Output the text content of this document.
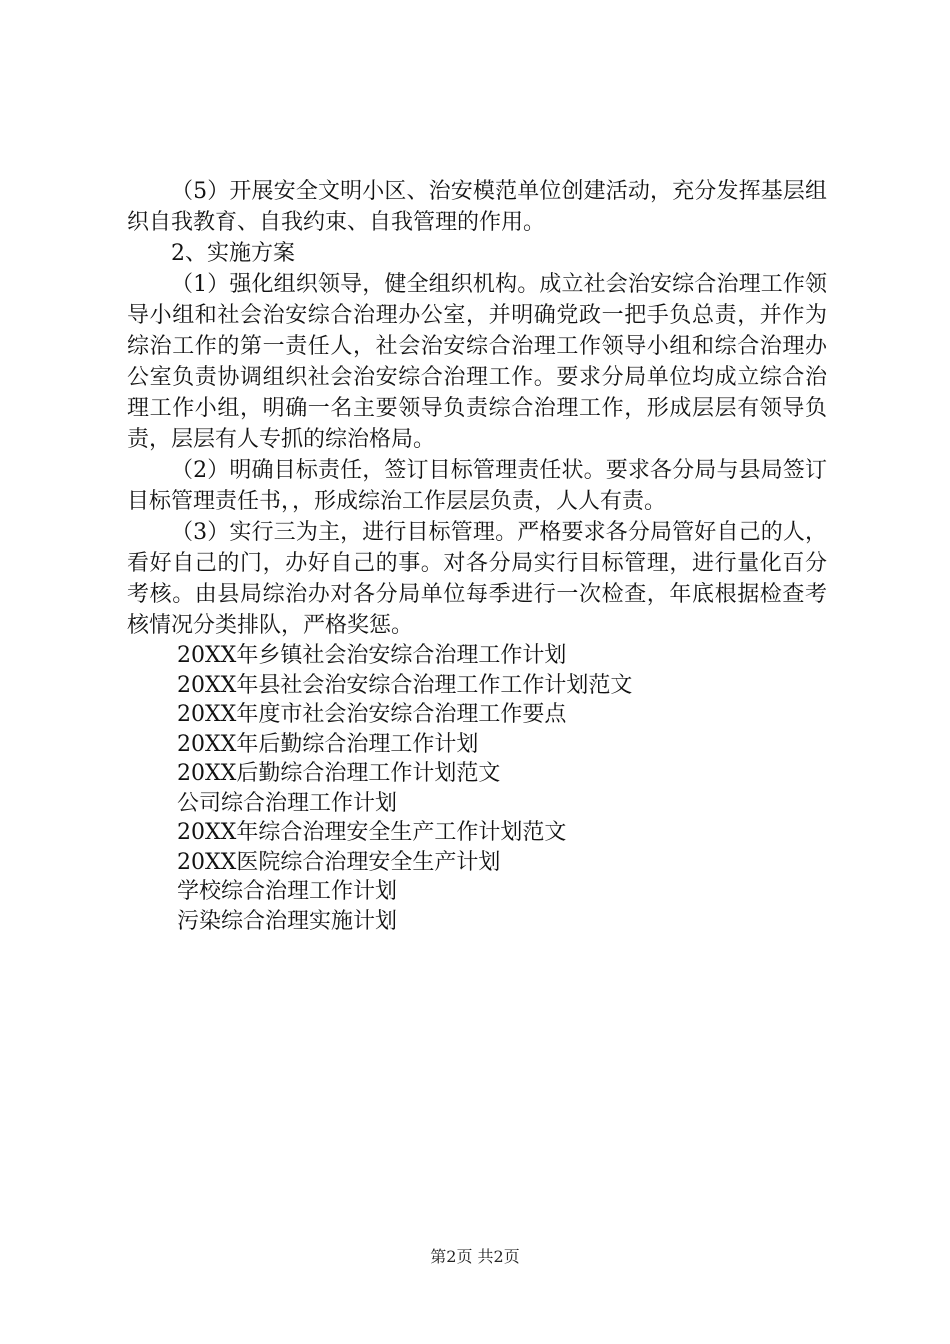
（5）开展安全文明小区、治安模范单位创建活动，充分发挥基层组织自我教育、自我约束、自我管理的作用。

2、实施方案

（1）强化组织领导，健全组织机构。成立社会治安综合治理工作领导小组和社会治安综合治理办公室，并明确党政一把手负总责，并作为综治工作的第一责任人，社会治安综合治理工作领导小组和综合治理办公室负责协调组织社会治安综合治理工作。要求分局单位均成立综合治理工作小组，明确一名主要领导负责综合治理工作，形成层层有领导负责，层层有人专抓的综治格局。

（2）明确目标责任，签订目标管理责任状。要求各分局与县局签订目标管理责任书，，形成综治工作层层负责，人人有责。

（3）实行三为主，进行目标管理。严格要求各分局管好自己的人，看好自己的门，办好自己的事。对各分局实行目标管理，进行量化百分考核。由县局综治办对各分局单位每季进行一次检查，年底根据检查考核情况分类排队，严格奖惩。

20XX年乡镇社会治安综合治理工作计划
20XX年县社会治安综合治理工作工作计划范文
20XX年度市社会治安综合治理工作要点
20XX年后勤综合治理工作计划
20XX后勤综合治理工作计划范文
公司综合治理工作计划
20XX年综合治理安全生产工作计划范文
20XX医院综合治理安全生产计划
学校综合治理工作计划
污染综合治理实施计划
第2页 共2页
